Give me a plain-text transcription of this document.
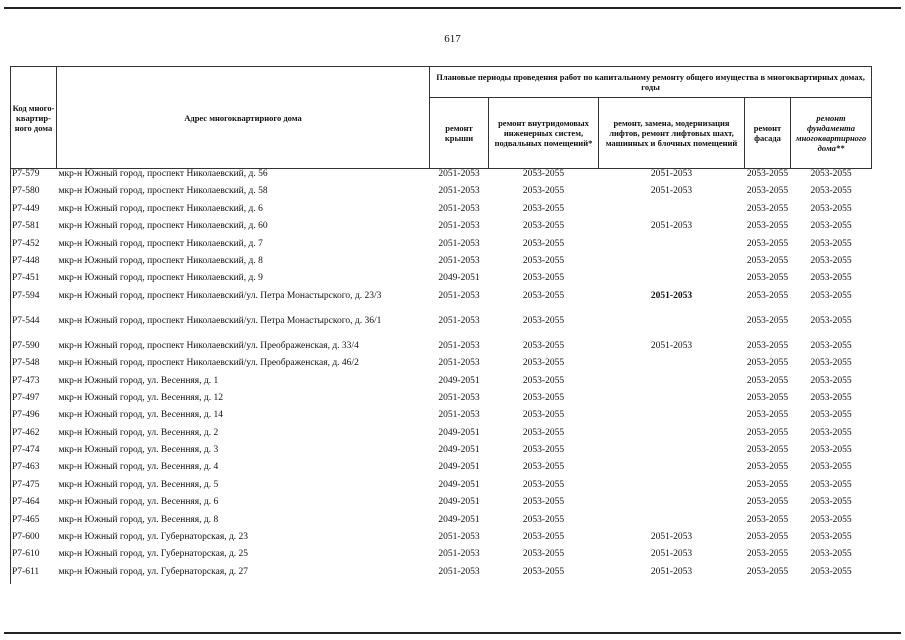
617
Код много-квартир-ного дома	Адрес многоквартирного дома	Плановые периоды проведения работ по капитальному ремонту общего имущества в многоквартирных домах, годы				
		ремонт крыши	ремонт внутридомовых инженерных систем, подвальных помещений*	ремонт, замена, модернизация лифтов, ремонт лифтовых шахт, машинных и блочных помещений	ремонт фасада	ремонт фундамента многоквартирного дома**
Р7-579	мкр-н Южный город, проспект Николаевский, д. 56	2051-2053	2053-2055	2051-2053	2053-2055	2053-2055
Р7-580	мкр-н Южный город, проспект Николаевский, д. 58	2051-2053	2053-2055	2051-2053	2053-2055	2053-2055
Р7-449	мкр-н Южный город, проспект Николаевский, д. 6	2051-2053	2053-2055		2053-2055	2053-2055
Р7-581	мкр-н Южный город, проспект Николаевский, д. 60	2051-2053	2053-2055	2051-2053	2053-2055	2053-2055
Р7-452	мкр-н Южный город, проспект Николаевский, д. 7	2051-2053	2053-2055		2053-2055	2053-2055
Р7-448	мкр-н Южный город, проспект Николаевский, д. 8	2051-2053	2053-2055		2053-2055	2053-2055
Р7-451	мкр-н Южный город, проспект Николаевский, д. 9	2049-2051	2053-2055		2053-2055	2053-2055
Р7-594	мкр-н Южный город, проспект Николаевский/ул. Петра Монастырского, д. 23/3	2051-2053	2053-2055	2051-2053	2053-2055	2053-2055
Р7-544	мкр-н Южный город, проспект Николаевский/ул. Петра Монастырского, д. 36/1	2051-2053	2053-2055		2053-2055	2053-2055
Р7-590	мкр-н Южный город, проспект Николаевский/ул. Преображенская, д. 33/4	2051-2053	2053-2055	2051-2053	2053-2055	2053-2055
Р7-548	мкр-н Южный город, проспект Николаевский/ул. Преображенская, д. 46/2	2051-2053	2053-2055		2053-2055	2053-2055
Р7-473	мкр-н Южный город, ул. Весенняя, д. 1	2049-2051	2053-2055		2053-2055	2053-2055
Р7-497	мкр-н Южный город, ул. Весенняя, д. 12	2051-2053	2053-2055		2053-2055	2053-2055
Р7-496	мкр-н Южный город, ул. Весенняя, д. 14	2051-2053	2053-2055		2053-2055	2053-2055
Р7-462	мкр-н Южный город, ул. Весенняя, д. 2	2049-2051	2053-2055		2053-2055	2053-2055
Р7-474	мкр-н Южный город, ул. Весенняя, д. 3	2049-2051	2053-2055		2053-2055	2053-2055
Р7-463	мкр-н Южный город, ул. Весенняя, д. 4	2049-2051	2053-2055		2053-2055	2053-2055
Р7-475	мкр-н Южный город, ул. Весенняя, д. 5	2049-2051	2053-2055		2053-2055	2053-2055
Р7-464	мкр-н Южный город, ул. Весенняя, д. 6	2049-2051	2053-2055		2053-2055	2053-2055
Р7-465	мкр-н Южный город, ул. Весенняя, д. 8	2049-2051	2053-2055		2053-2055	2053-2055
Р7-600	мкр-н Южный город, ул. Губернаторская, д. 23	2051-2053	2053-2055	2051-2053	2053-2055	2053-2055
Р7-610	мкр-н Южный город, ул. Губернаторская, д. 25	2051-2053	2053-2055	2051-2053	2053-2055	2053-2055
Р7-611	мкр-н Южный город, ул. Губернаторская, д. 27	2051-2053	2053-2055	2051-2053	2053-2055	2053-2055
